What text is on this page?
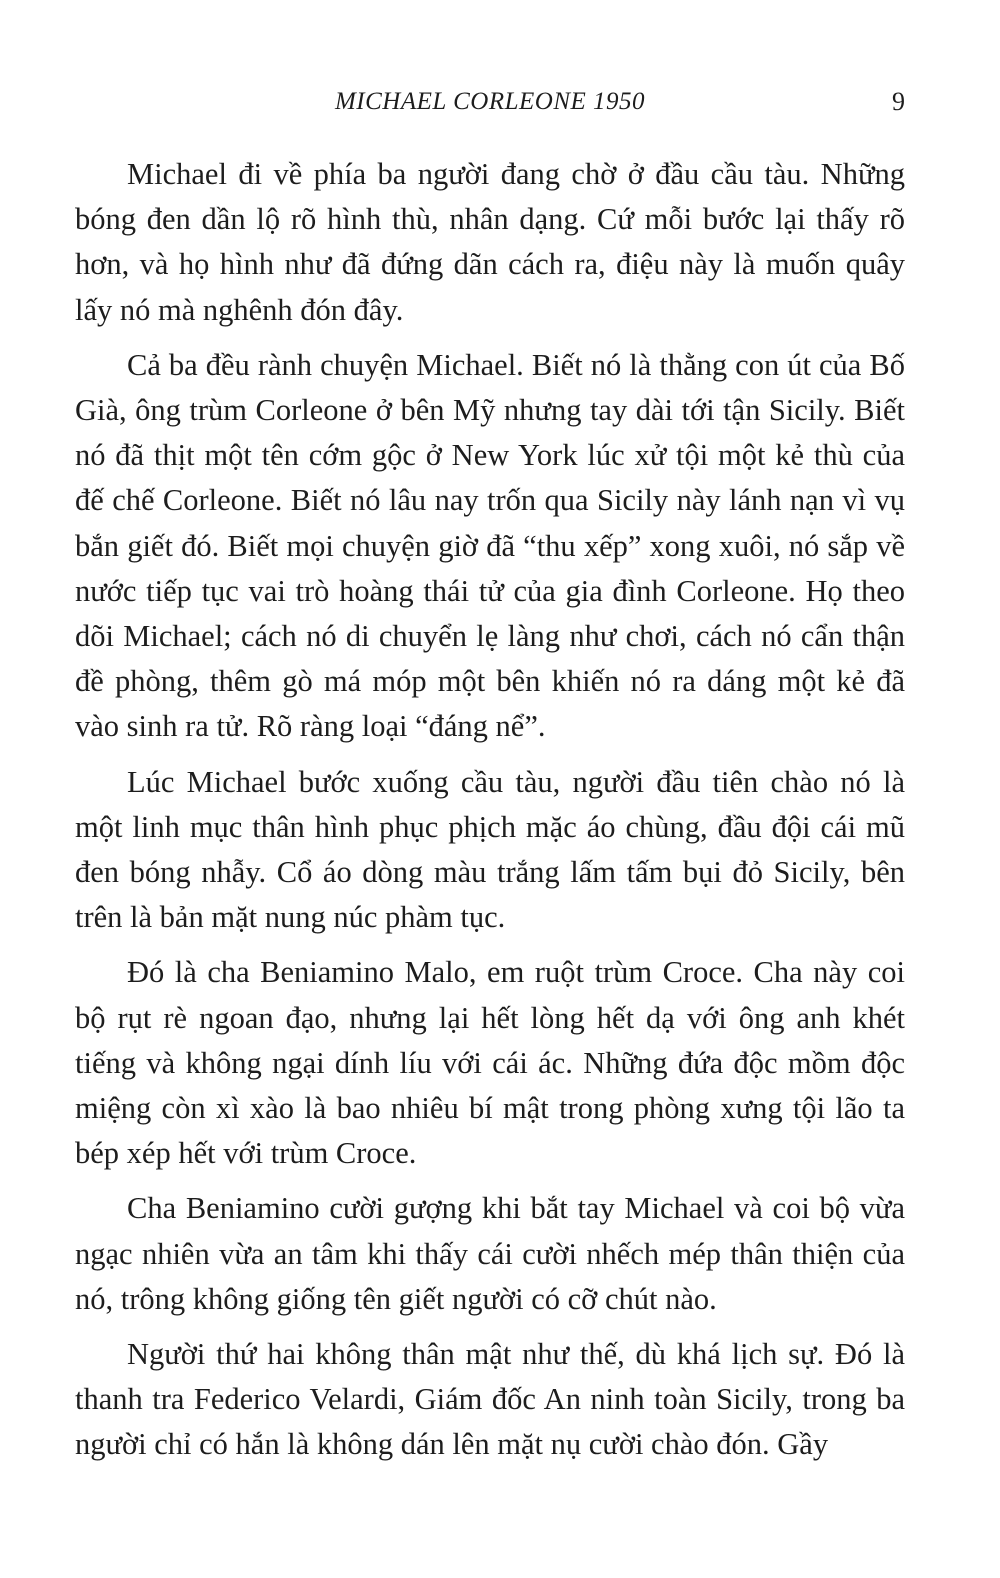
MICHAEL CORLEONE 1950	9

Michael đi về phía ba người đang chờ ở đầu cầu tàu. Những bóng đen dần lộ rõ hình thù, nhân dạng. Cứ mỗi bước lại thấy rõ hơn, và họ hình như đã đứng dãn cách ra, điệu này là muốn quây lấy nó mà nghênh đón đây.

Cả ba đều rành chuyện Michael. Biết nó là thằng con út của Bố Già, ông trùm Corleone ở bên Mỹ nhưng tay dài tới tận Sicily. Biết nó đã thịt một tên cớm gộc ở New York lúc xử tội một kẻ thù của đế chế Corleone. Biết nó lâu nay trốn qua Sicily này lánh nạn vì vụ bắn giết đó. Biết mọi chuyện giờ đã “thu xếp” xong xuôi, nó sắp về nước tiếp tục vai trò hoàng thái tử của gia đình Corleone. Họ theo dõi Michael; cách nó di chuyển lẹ làng như chơi, cách nó cẩn thận đề phòng, thêm gò má móp một bên khiến nó ra dáng một kẻ đã vào sinh ra tử. Rõ ràng loại “đáng nể”.

Lúc Michael bước xuống cầu tàu, người đầu tiên chào nó là một linh mục thân hình phục phịch mặc áo chùng, đầu đội cái mũ đen bóng nhẫy. Cổ áo dòng màu trắng lấm tấm bụi đỏ Sicily, bên trên là bản mặt nung núc phàm tục.

Đó là cha Beniamino Malo, em ruột trùm Croce. Cha này coi bộ rụt rè ngoan đạo, nhưng lại hết lòng hết dạ với ông anh khét tiếng và không ngại dính líu với cái ác. Những đứa độc mồm độc miệng còn xì xào là bao nhiêu bí mật trong phòng xưng tội lão ta bép xép hết với trùm Croce.

Cha Beniamino cười gượng khi bắt tay Michael và coi bộ vừa ngạc nhiên vừa an tâm khi thấy cái cười nhếch mép thân thiện của nó, trông không giống tên giết người có cỡ chút nào.

Người thứ hai không thân mật như thế, dù khá lịch sự. Đó là thanh tra Federico Velardi, Giám đốc An ninh toàn Sicily, trong ba người chỉ có hắn là không dán lên mặt nụ cười chào đón. Gầy
